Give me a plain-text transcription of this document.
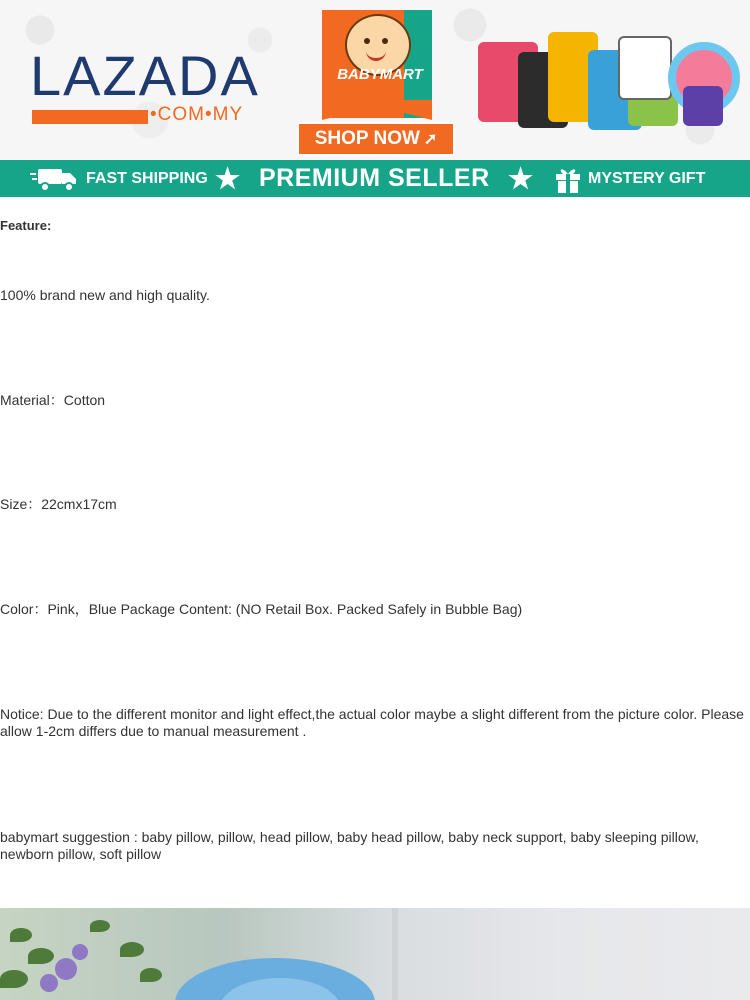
LAZADA
•COM•MY
BABYMART
SHOP NOW ➚
FAST SHIPPING ★ PREMIUM SELLER ★	MYSTERY GIFT
Feature:
100% brand new and high quality.
Material：Cotton
Size：22cmx17cm
Color：Pink，Blue Package Content: (NO Retail Box. Packed Safely in Bubble Bag)
Notice: Due to the different monitor and light effect,the actual color maybe a slight different from the picture color. Please allow 1-2cm differs due to manual measurement .
babymart suggestion : baby pillow, pillow, head pillow, baby head pillow, baby neck support, baby sleeping pillow, newborn pillow, soft pillow
